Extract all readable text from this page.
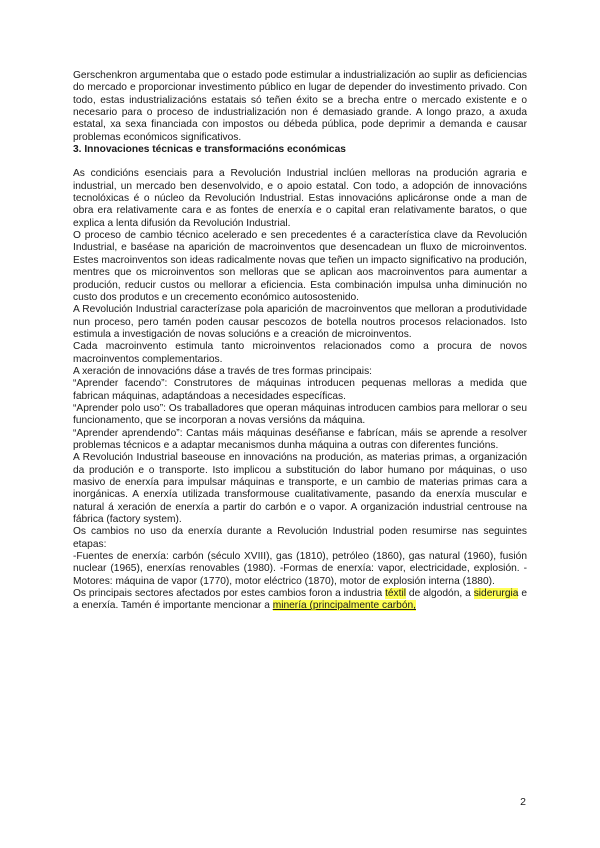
Gerschenkron argumentaba que o estado pode estimular a industrialización ao suplir as deficiencias do mercado e proporcionar investimento público en lugar de depender do investimento privado. Con todo, estas industrializacións estatais só teñen éxito se a brecha entre o mercado existente e o necesario para o proceso de industrialización non é demasiado grande. A longo prazo, a axuda estatal, xa sexa financiada con impostos ou débeda pública, pode deprimir a demanda e causar problemas económicos significativos.

3. Innovaciones técnicas e transformacións económicas

As condicións esenciais para a Revolución Industrial inclúen melloras na produción agraria e industrial, un mercado ben desenvolvido, e o apoio estatal. Con todo, a adopción de innovacións tecnolóxicas é o núcleo da Revolución Industrial. Estas innovacións aplicáronse onde a man de obra era relativamente cara e as fontes de enerxía e o capital eran relativamente baratos, o que explica a lenta difusión da Revolución Industrial.

O proceso de cambio técnico acelerado e sen precedentes é a característica clave da Revolución Industrial, e baséase na aparición de macroinventos que desencadean un fluxo de microinventos. Estes macroinventos son ideas radicalmente novas que teñen un impacto significativo na produción, mentres que os microinventos son melloras que se aplican aos macroinventos para aumentar a produción, reducir custos ou mellorar a eficiencia. Esta combinación impulsa unha diminución no custo dos produtos e un crecemento económico autosostenido.

A Revolución Industrial caracterízase pola aparición de macroinventos que melloran a produtividade nun proceso, pero tamén poden causar pescozos de botella noutros procesos relacionados. Isto estimula a investigación de novas solucións e a creación de microinventos.

Cada macroinvento estimula tanto microinventos relacionados como a procura de novos macroinventos complementarios.

A xeración de innovacións dáse a través de tres formas principais:

“Aprender facendo”: Construtores de máquinas introducen pequenas melloras a medida que fabrican máquinas, adaptándoas a necesidades específicas.

“Aprender polo uso”: Os traballadores que operan máquinas introducen cambios para mellorar o seu funcionamento, que se incorporan a novas versións da máquina.

“Aprender aprendendo”: Cantas máis máquinas deséñanse e fabrícan, máis se aprende a resolver problemas técnicos e a adaptar mecanismos dunha máquina a outras con diferentes funcións.

A Revolución Industrial baseouse en innovacións na produción, as materias primas, a organización da produción e o transporte. Isto implicou a substitución do labor humano por máquinas, o uso masivo de enerxía para impulsar máquinas e transporte, e un cambio de materias primas cara a inorgánicas. A enerxía utilizada transformouse cualitativamente, pasando da enerxía muscular e natural á xeración de enerxía a partir do carbón e o vapor. A organización industrial centrouse na fábrica (factory system).

Os cambios no uso da enerxía durante a Revolución Industrial poden resumirse nas seguintes etapas:

-Fuentes de enerxía: carbón (século XVIII), gas (1810), petróleo (1860), gas natural (1960), fusión nuclear (1965), enerxías renovables (1980). -Formas de enerxía: vapor, electricidade, explosión. -Motores: máquina de vapor (1770), motor eléctrico (1870), motor de explosión interna (1880).

Os principais sectores afectados por estes cambios foron a industria téxtil de algodón, a siderurgia e a enerxía. Tamén é importante mencionar a minería (principalmente carbón,

2
